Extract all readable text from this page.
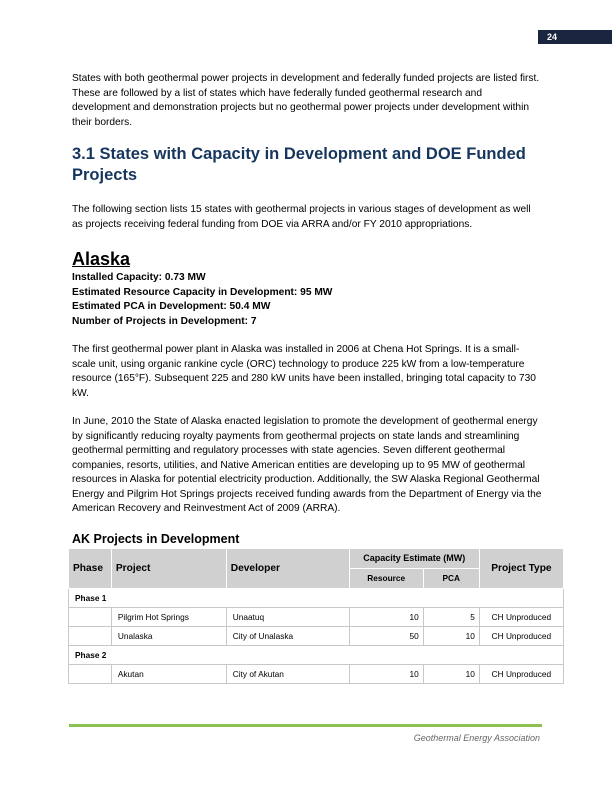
24

States with both geothermal power projects in development and federally funded projects are listed first. These are followed by a list of states which have federally funded geothermal research and development and demonstration projects but no geothermal power projects under development within their borders.

3.1 States with Capacity in Development and DOE Funded Projects

The following section lists 15 states with geothermal projects in various stages of development as well as projects receiving federal funding from DOE via ARRA and/or FY 2010 appropriations.

Alaska
Installed Capacity: 0.73 MW
Estimated Resource Capacity in Development: 95 MW
Estimated PCA in Development: 50.4 MW
Number of Projects in Development: 7

The first geothermal power plant in Alaska was installed in 2006 at Chena Hot Springs. It is a small-scale unit, using organic rankine cycle (ORC) technology to produce 225 kW from a low-temperature resource (165°F). Subsequent 225 and 280 kW units have been installed, bringing total capacity to 730 kW.

In June, 2010 the State of Alaska enacted legislation to promote the development of geothermal energy by significantly reducing royalty payments from geothermal projects on state lands and streamlining geothermal permitting and regulatory processes with state agencies. Seven different geothermal companies, resorts, utilities, and Native American entities are developing up to 95 MW of geothermal resources in Alaska for potential electricity production. Additionally, the SW Alaska Regional Geothermal Energy and Pilgrim Hot Springs projects received funding awards from the Department of Energy via the American Recovery and Reinvestment Act of 2009 (ARRA).

AK Projects in Development
Phase	Project	Developer	Capacity Estimate (MW)		Project Type
			Resource	PCA	
Phase 1					
	Pilgrim Hot Springs	Unaatuq	10	5	CH Unproduced
	Unalaska	City of Unalaska	50	10	CH Unproduced
Phase 2					
	Akutan	City of Akutan	10	10	CH Unproduced
Geothermal Energy Association
